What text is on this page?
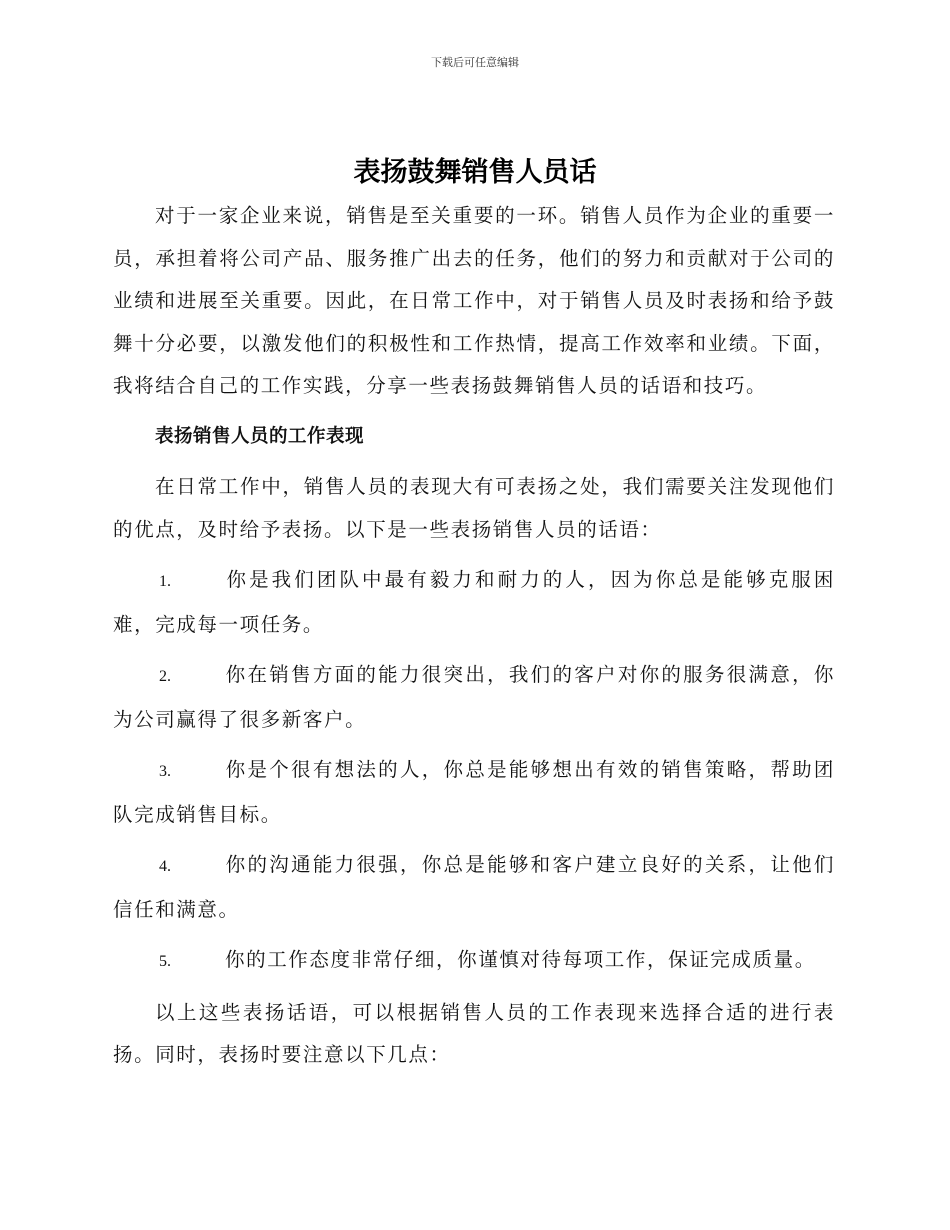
下载后可任意编辑
表扬鼓舞销售人员话

对于一家企业来说，销售是至关重要的一环。销售人员作为企业的重要一员，承担着将公司产品、服务推广出去的任务，他们的努力和贡献对于公司的业绩和进展至关重要。因此，在日常工作中，对于销售人员及时表扬和给予鼓舞十分必要，以激发他们的积极性和工作热情，提高工作效率和业绩。下面，我将结合自己的工作实践，分享一些表扬鼓舞销售人员的话语和技巧。

表扬销售人员的工作表现

在日常工作中，销售人员的表现大有可表扬之处，我们需要关注发现他们的优点，及时给予表扬。以下是一些表扬销售人员的话语：

1.	你是我们团队中最有毅力和耐力的人，因为你总是能够克服困难，完成每一项任务。

2.	你在销售方面的能力很突出，我们的客户对你的服务很满意，你为公司赢得了很多新客户。

3.	你是个很有想法的人，你总是能够想出有效的销售策略，帮助团队完成销售目标。

4.	你的沟通能力很强，你总是能够和客户建立良好的关系，让他们信任和满意。

5.	你的工作态度非常仔细，你谨慎对待每项工作，保证完成质量。

以上这些表扬话语，可以根据销售人员的工作表现来选择合适的进行表扬。同时，表扬时要注意以下几点：
